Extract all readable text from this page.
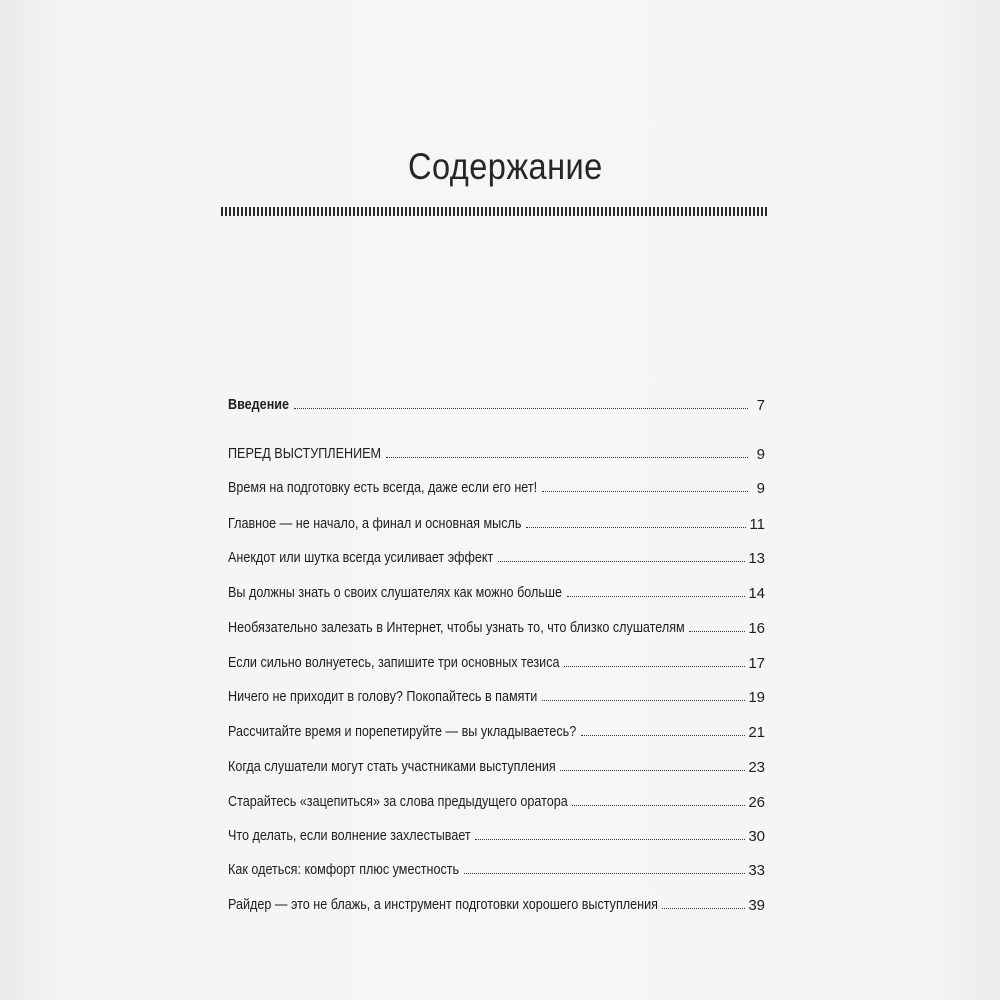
Содержание
Введение	7
ПЕРЕД ВЫСТУПЛЕНИЕМ	9
Время на подготовку есть всегда, даже если его нет!	9
Главное — не начало, а финал и основная мысль	11
Анекдот или шутка всегда усиливает эффект	13
Вы должны знать о своих слушателях как можно больше	14
Необязательно залезать в Интернет, чтобы узнать то, что близко слушателям	16
Если сильно волнуетесь, запишите три основных тезиса	17
Ничего не приходит в голову? Покопайтесь в памяти	19
Рассчитайте время и порепетируйте — вы укладываетесь?	21
Когда слушатели могут стать участниками выступления	23
Старайтесь «зацепиться» за слова предыдущего оратора	26
Что делать, если волнение захлестывает	30
Как одеться: комфорт плюс уместность	33
Райдер — это не блажь, а инструмент подготовки хорошего выступления	39
